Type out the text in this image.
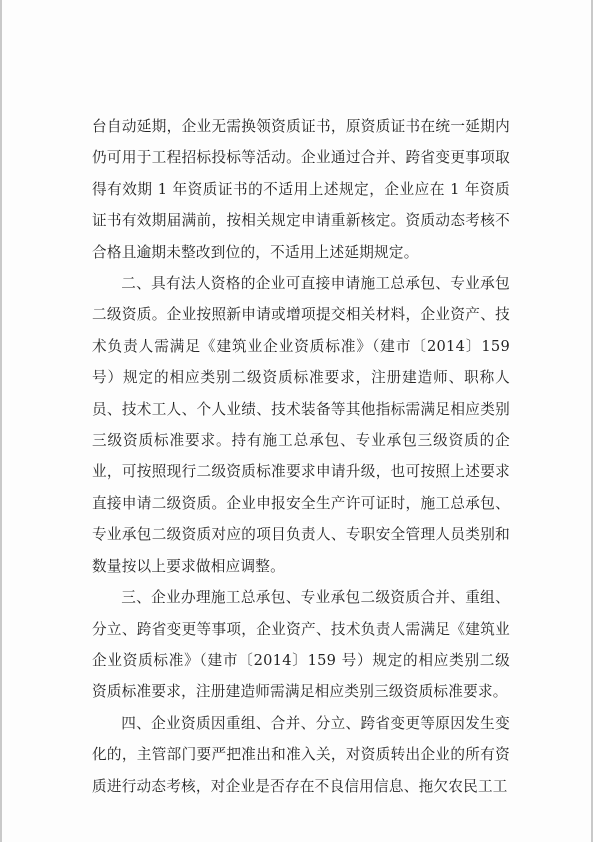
台自动延期，企业无需换领资质证书，原资质证书在统一延期内仍可用于工程招标投标等活动。企业通过合并、跨省变更事项取得有效期 1 年资质证书的不适用上述规定，企业应在 1 年资质证书有效期届满前，按相关规定申请重新核定。资质动态考核不合格且逾期未整改到位的，不适用上述延期规定。

二、具有法人资格的企业可直接申请施工总承包、专业承包二级资质。企业按照新申请或增项提交相关材料，企业资产、技术负责人需满足《建筑业企业资质标准》（建市〔2014〕159 号）规定的相应类别二级资质标准要求，注册建造师、职称人员、技术工人、个人业绩、技术装备等其他指标需满足相应类别三级资质标准要求。持有施工总承包、专业承包三级资质的企业，可按照现行二级资质标准要求申请升级，也可按照上述要求直接申请二级资质。企业申报安全生产许可证时，施工总承包、专业承包二级资质对应的项目负责人、专职安全管理人员类别和数量按以上要求做相应调整。

三、企业办理施工总承包、专业承包二级资质合并、重组、分立、跨省变更等事项，企业资产、技术负责人需满足《建筑业企业资质标准》（建市〔2014〕159 号）规定的相应类别二级资质标准要求，注册建造师需满足相应类别三级资质标准要求。

四、企业资质因重组、合并、分立、跨省变更等原因发生变化的，主管部门要严把准出和准入关，对资质转出企业的所有资质进行动态考核，对企业是否存在不良信用信息、拖欠农民工工
